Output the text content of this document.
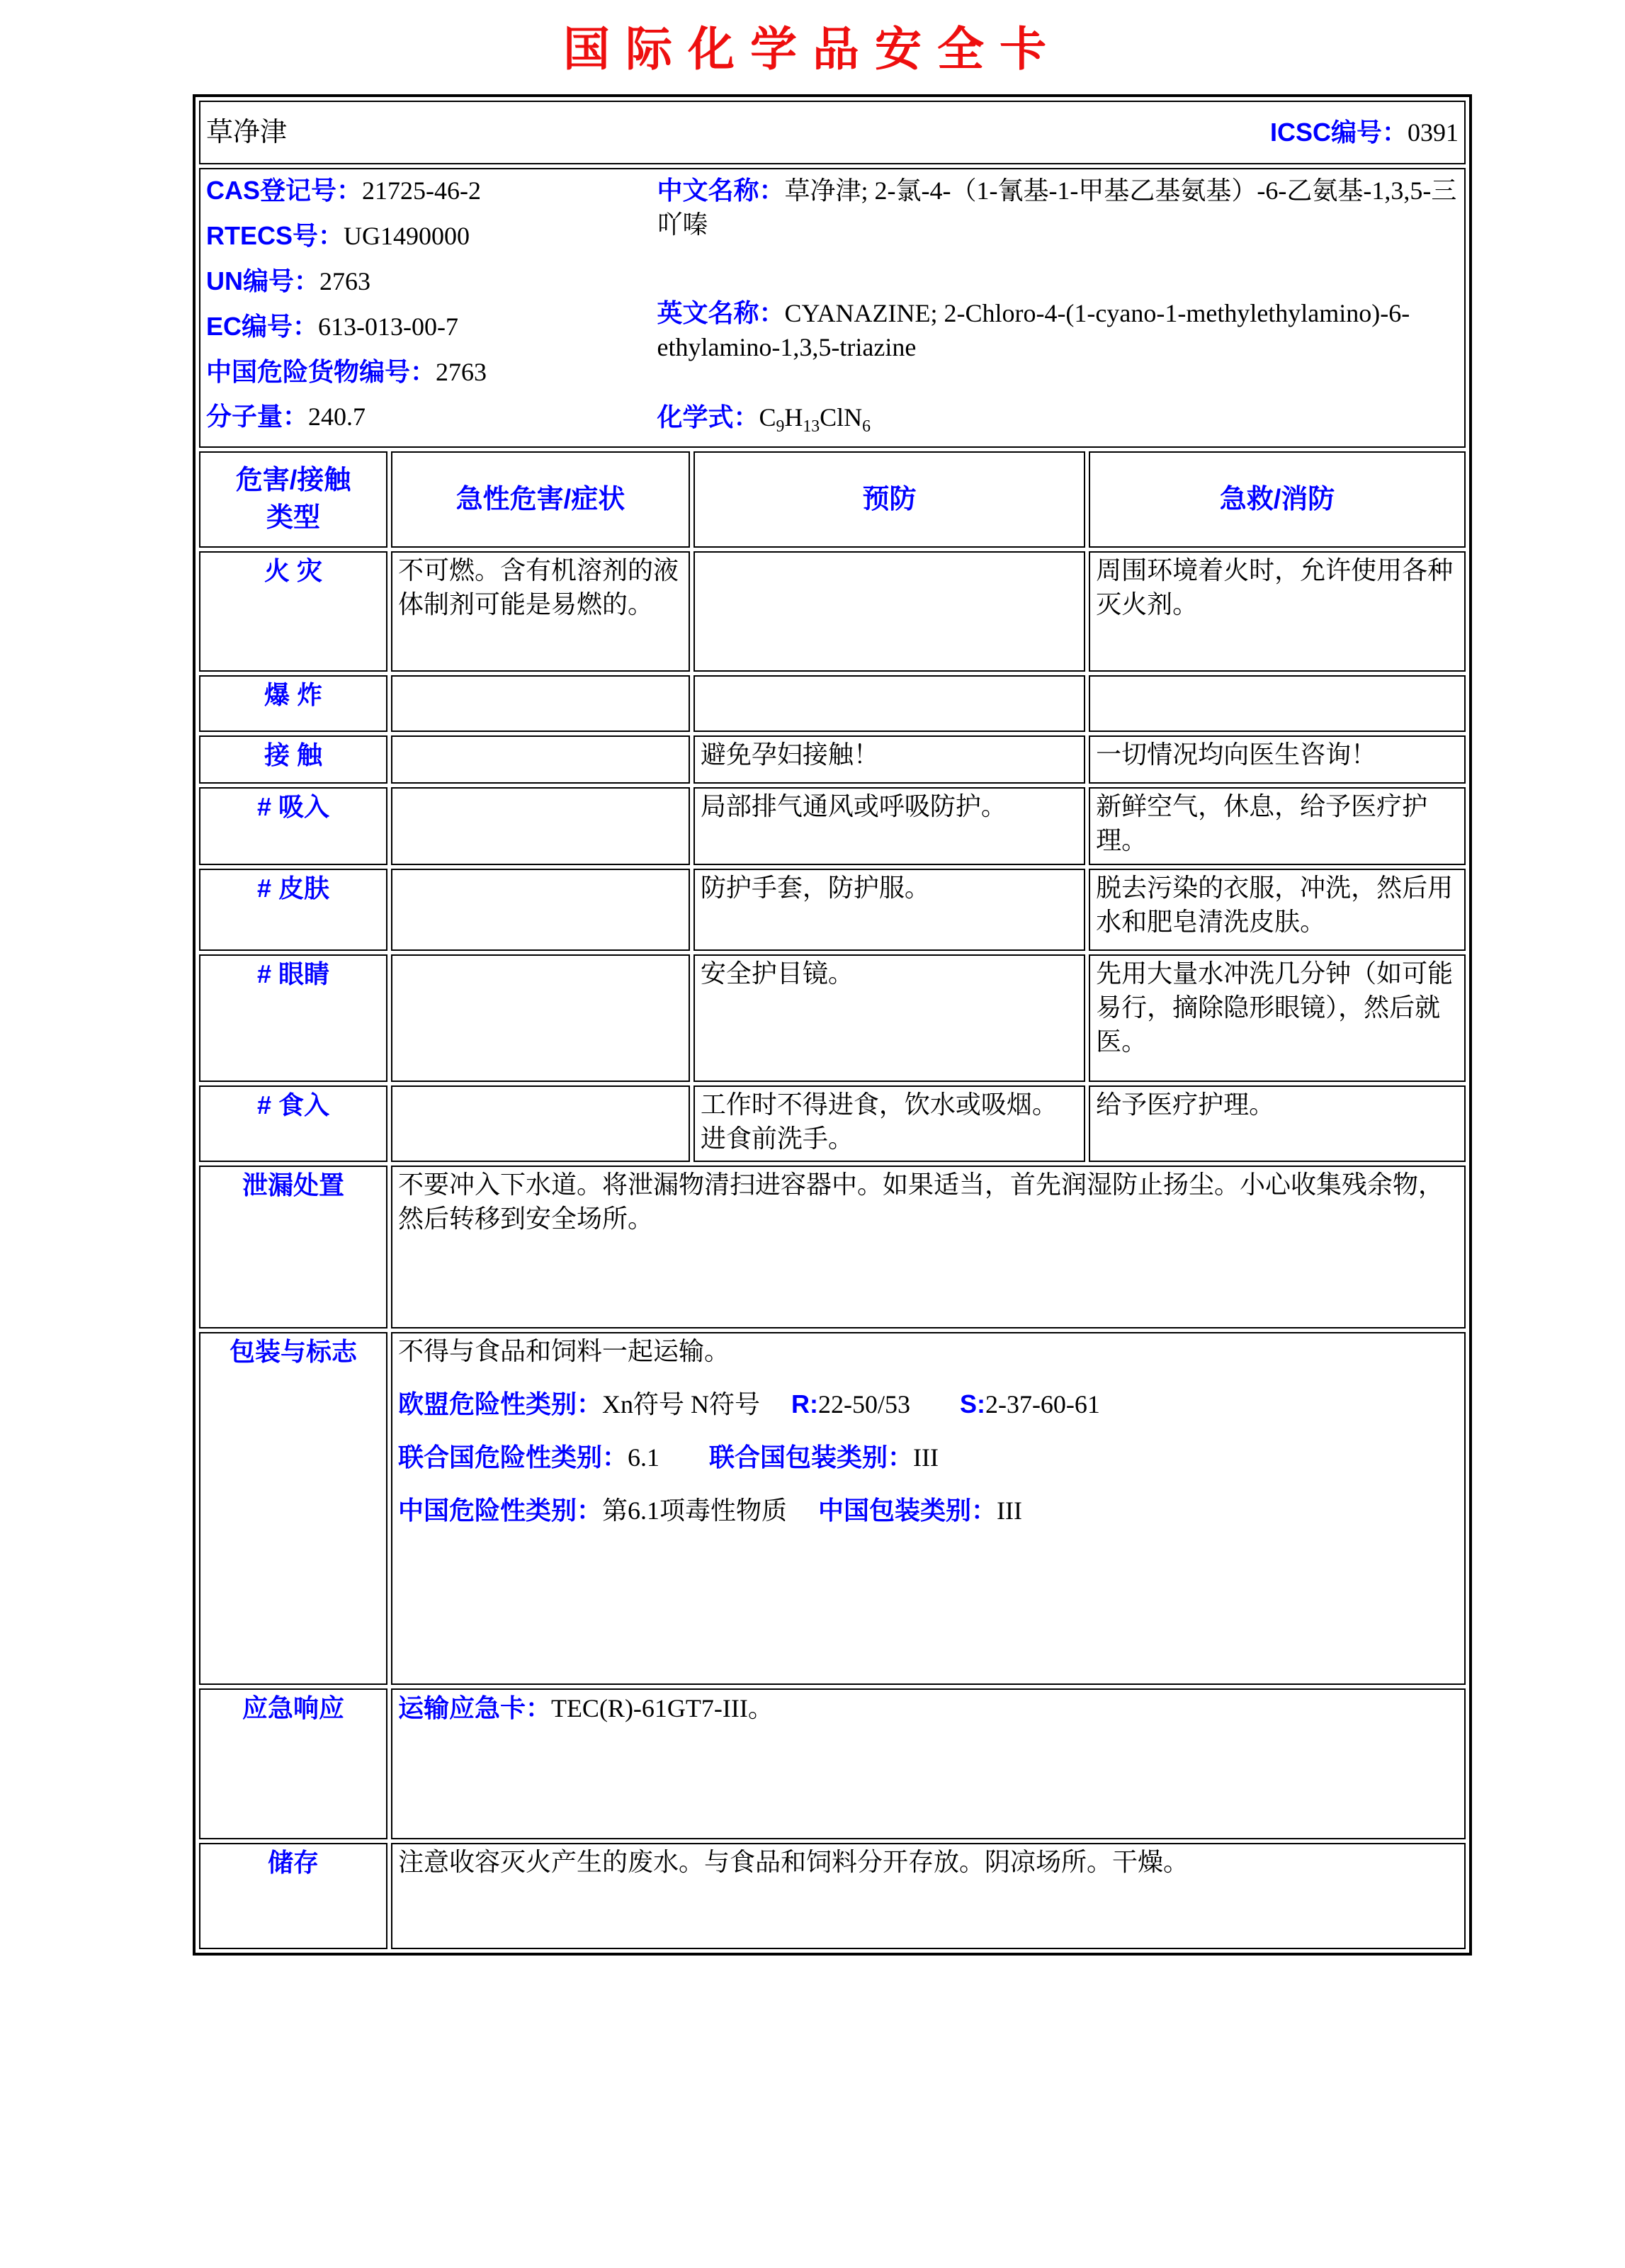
国际化学品安全卡
草净津 ICSC编号：0391			

CAS登记号：21725-46-2
RTECS号：UG1490000
UN编号：2763
EC编号：613-013-00-7
中国危险货物编号：2763
分子量：240.7

中文名称：草净津; 2-氯-4-（1-氰基-1-甲基乙基氨基）-6-乙氨基-1,3,5-三吖嗪

英文名称：CYANAZINE; 2-Chloro-4-(1-cyano-1-methylethylamino)-6-ethylamino-1,3,5-triazine

化学式：$C_9H_{13}ClN_6$

危害/接触
类型	急性危害/症状	预防	急救/消防
火 灾	不可燃。含有机溶剂的液体制剂可能是易燃的。		周围环境着火时，允许使用各种灭火剂。
爆 炸			
接 触		避免孕妇接触！	一切情况均向医生咨询！
# 吸入		局部排气通风或呼吸防护。	新鲜空气，休息，给予医疗护理。
# 皮肤		防护手套，防护服。	脱去污染的衣服，冲洗，然后用水和肥皂清洗皮肤。
# 眼睛		安全护目镜。	先用大量水冲洗几分钟（如可能易行，摘除隐形眼镜），然后就医。
# 食入		工作时不得进食，饮水或吸烟。进食前洗手。	给予医疗护理。
泄漏处置	不要冲入下水道。将泄漏物清扫进容器中。如果适当，首先润湿防止扬尘。小心收集残余物，然后转移到安全场所。		
包装与标志	不得与食品和饲料一起运输。

欧盟危险性类别：Xn符号 N符号 R:22-50/53 S:2-37-60-61

联合国危险性类别：6.1 联合国包装类别：III

中国危险性类别：第6.1项毒性物质 中国包装类别：III		

应急响应	运输应急卡：TEC(R)-61GT7-III。		
储存	注意收容灭火产生的废水。与食品和饲料分开存放。阴凉场所。干燥。		
